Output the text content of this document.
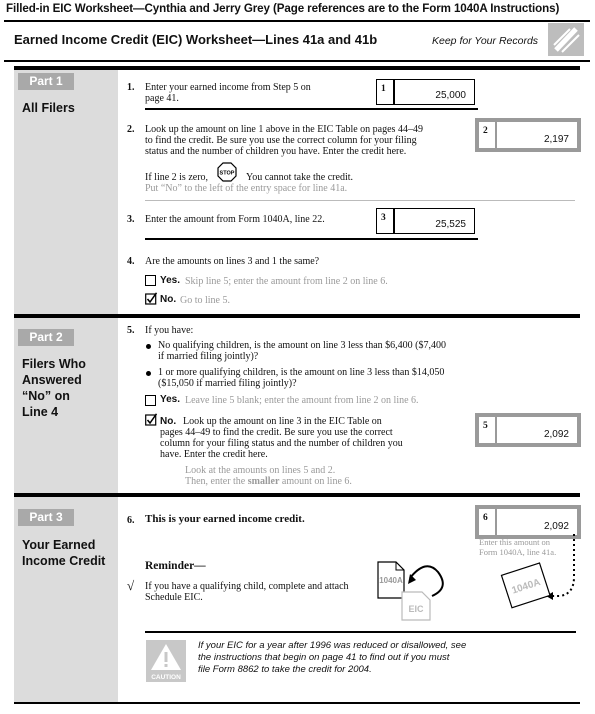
Filled-in EIC Worksheet—Cynthia and Jerry Grey (Page references are to the Form 1040A Instructions)
Earned Income Credit (EIC) Worksheet—Lines 41a and 41b	Keep for Your Records
Part 1
All Filers
Part 2
Filers Who
Answered
“No” on
Line 4
Part 3
Your Earned
Income Credit
1. Enter your earned income from Step 5 on
page 41.
1
25,000
2. Look up the amount on line 1 above in the EIC Table on pages 44–49
to find the credit. Be sure you use the correct column for your filing
status and the number of children you have. Enter the credit here.
2
2,197
If line 2 is zero, STOP You cannot take the credit.
Put “No” to the left of the entry space for line 41a.
3. Enter the amount from Form 1040A, line 22.	3
25,525
4. Are the amounts on lines 3 and 1 the same?
Yes. Skip line 5; enter the amount from line 2 on line 6.
No. Go to line 5.
5. If you have:
No qualifying children, is the amount on line 3 less than $6,400 ($7,400
if married filing jointly)?
1 or more qualifying children, is the amount on line 3 less than $14,050
($15,050 if married filing jointly)?
Yes. Leave line 5 blank; enter the amount from line 2 on line 6.
No. Look up the amount on line 3 in the EIC Table on
pages 44–49 to find the credit. Be sure you use the correct
column for your filing status and the number of children you
have. Enter the credit here.
5
2,092
Look at the amounts on lines 5 and 2.
Then, enter the smaller amount on line 6.
6. This is your earned income credit.	6
2,092
Enter this amount on
Form 1040A, line 41a.
1040A
Reminder—
√ If you have a qualifying child, complete and attach
Schedule EIC.
1040A
EIC
CAUTION
If your EIC for a year after 1996 was reduced or disallowed, see
the instructions that begin on page 41 to find out if you must
file Form 8862 to take the credit for 2004.
